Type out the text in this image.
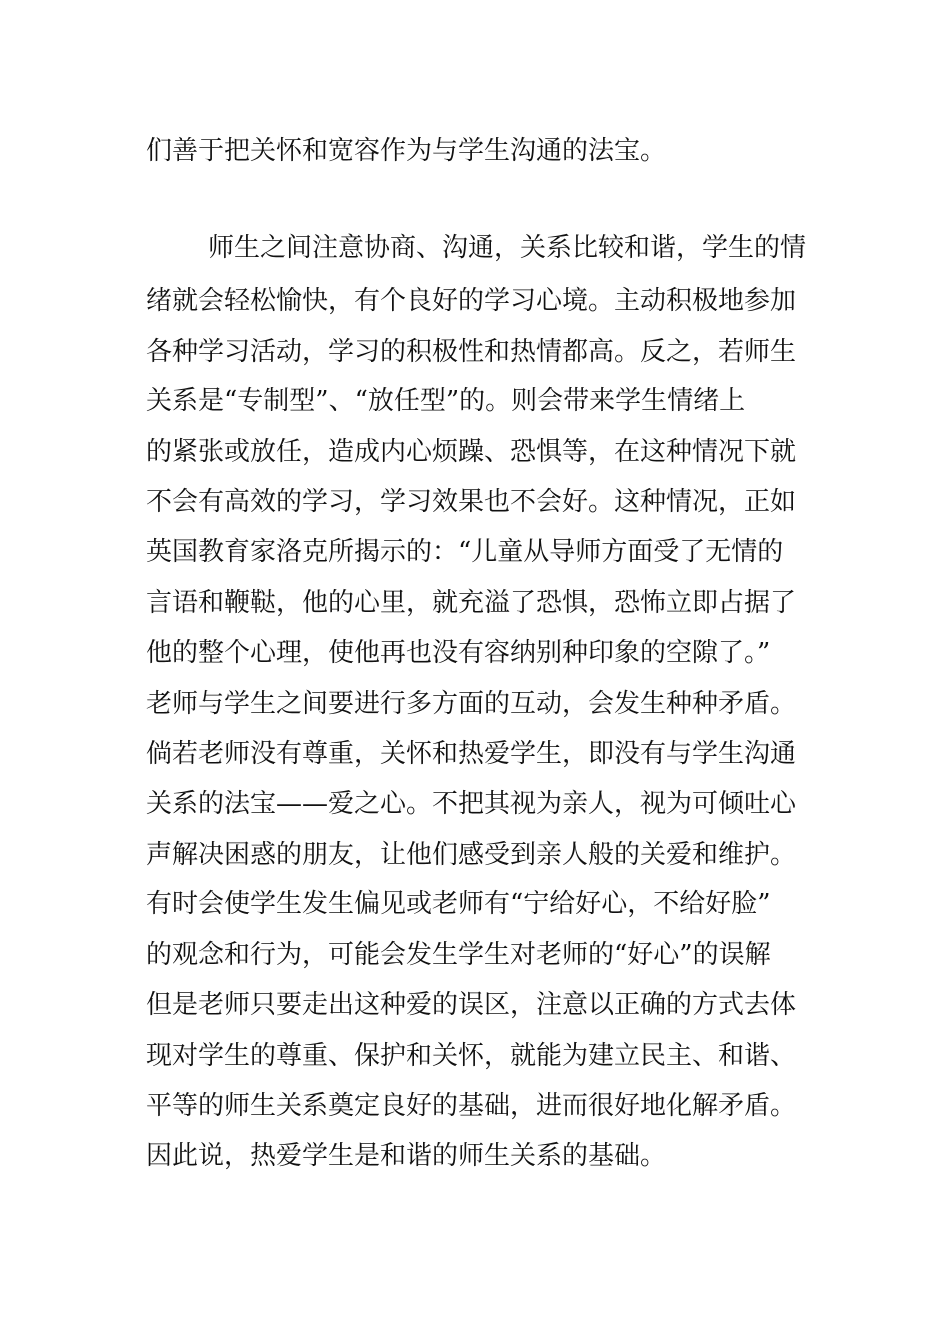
们善于把关怀和宽容作为与学生沟通的法宝。
师生之间注意协商、沟通，关系比较和谐，学生的情
绪就会轻松愉快，有个良好的学习心境。主动积极地参加
各种学习活动，学习的积极性和热情都高。反之，若师生
关系是“专制型”、“放任型”的。则会带来学生情绪上
的紧张或放任，造成内心烦躁、恐惧等，在这种情况下就
不会有高效的学习，学习效果也不会好。这种情况，正如
英国教育家洛克所揭示的：“儿童从导师方面受了无情的
言语和鞭鞑，他的心里，就充溢了恐惧，恐怖立即占据了
他的整个心理，使他再也没有容纳别种印象的空隙了。”
老师与学生之间要进行多方面的互动，会发生种种矛盾。
倘若老师没有尊重，关怀和热爱学生，即没有与学生沟通
关系的法宝——爱之心。不把其视为亲人，视为可倾吐心
声解决困惑的朋友，让他们感受到亲人般的关爱和维护。
有时会使学生发生偏见或老师有“宁给好心，不给好脸”
的观念和行为，可能会发生学生对老师的“好心”的误解
但是老师只要走出这种爱的误区，注意以正确的方式去体
现对学生的尊重、保护和关怀，就能为建立民主、和谐、
平等的师生关系奠定良好的基础，进而很好地化解矛盾。
因此说，热爱学生是和谐的师生关系的基础。
